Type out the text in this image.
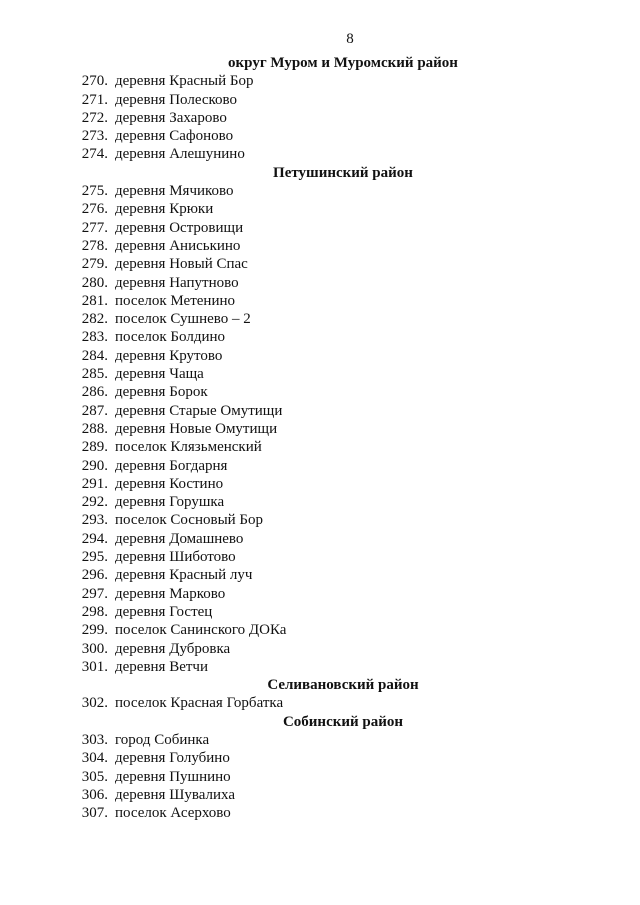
8
округ Муром и Муромский район
270. деревня Красный Бор
271. деревня Полесково
272. деревня Захарово
273. деревня Сафоново
274. деревня Алешунино
Петушинский район
275. деревня Мячиково
276. деревня Крюки
277. деревня Островищи
278. деревня Аниськино
279. деревня Новый Спас
280. деревня Напутново
281. поселок Метенино
282. поселок Сушнево – 2
283. поселок Болдино
284. деревня Крутово
285. деревня Чаща
286. деревня Борок
287. деревня Старые Омутищи
288. деревня Новые Омутищи
289. поселок Клязьменский
290. деревня Богдарня
291. деревня Костино
292. деревня Горушка
293. поселок Сосновый Бор
294. деревня Домашнево
295. деревня Шиботово
296. деревня Красный луч
297. деревня Марково
298. деревня Гостец
299. поселок Санинского ДОКа
300. деревня Дубровка
301. деревня Ветчи
Селивановский район
302. поселок Красная Горбатка
Собинский район
303. город Собинка
304. деревня Голубино
305. деревня Пушнино
306. деревня Шувалиха
307. поселок Асерхово
